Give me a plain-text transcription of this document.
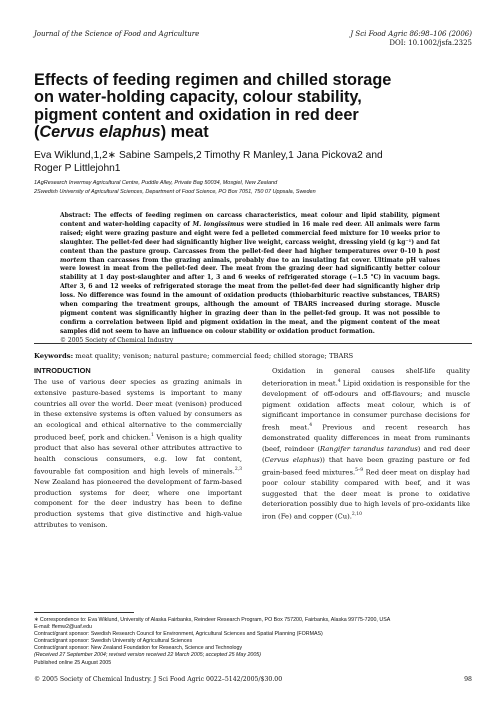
Journal of the Science of Food and Agriculture	J Sci Food Agric 86:98–106 (2006)
DOI: 10.1002/jsfa.2325
Effects of feeding regimen and chilled storage
on water-holding capacity, colour stability,
pigment content and oxidation in red deer
(Cervus elaphus) meat
Eva Wiklund,1,2∗ Sabine Sampels,2 Timothy R Manley,1 Jana Pickova2 and
Roger P Littlejohn1
1AgResearch Invermay Agricultural Centre, Puddle Alley, Private Bag 50034, Mosgiel, New Zealand
2Swedish University of Agricultural Sciences, Department of Food Science, PO Box 7051, 750 07 Uppsala, Sweden
Abstract: The effects of feeding regimen on carcass characteristics, meat colour and lipid stability, pigment content and water-holding capacity of M. longissimus were studied in 16 male red deer. All animals were farm raised; eight were grazing pasture and eight were fed a pelleted commercial feed mixture for 10 weeks prior to slaughter. The pellet-fed deer had significantly higher live weight, carcass weight, dressing yield (g kg⁻¹) and fat content than the pasture group. Carcasses from the pellet-fed deer had higher temperatures over 0–10 h post mortem than carcasses from the grazing animals, probably due to an insulating fat cover. Ultimate pH values were lowest in meat from the pellet-fed deer. The meat from the grazing deer had significantly better colour stability at 1 day post-slaughter and after 1, 3 and 6 weeks of refrigerated storage (−1.5 °C) in vacuum bags. After 3, 6 and 12 weeks of refrigerated storage the meat from the pellet-fed deer had significantly higher drip loss. No difference was found in the amount of oxidation products (thiobarbituric reactive substances, TBARS) when comparing the treatment groups, although the amount of TBARS increased during storage. Muscle pigment content was significantly higher in grazing deer than in the pellet-fed group. It was not possible to confirm a correlation between lipid and pigment oxidation in the meat, and the pigment content of the meat samples did not seem to have an influence on colour stability or oxidation product formation.
© 2005 Society of Chemical Industry
Keywords: meat quality; venison; natural pasture; commercial feed; chilled storage; TBARS
INTRODUCTION
The use of various deer species as grazing animals in extensive pasture-based systems is important to many countries all over the world. Deer meat (venison) produced in these extensive systems is often valued by consumers as an ecological and ethical alternative to the commercially produced beef, pork and chicken.$^1$ Venison is a high quality product that also has several other attributes attractive to health conscious consumers, e.g. low fat content, favourable fat composition and high levels of minerals.$^{2,3}$ New Zealand has pioneered the development of farm-based production systems for deer, where one important component for the deer industry has been to define production systems that give distinctive and high-value attributes to venison.
Oxidation in general causes shelf-life quality deterioration in meat.$^4$ Lipid oxidation is responsible for the development of off-odours and off-flavours; and muscle pigment oxidation affects meat colour, which is of significant importance in consumer purchase decisions for fresh meat.$^4$ Previous and recent research has demonstrated quality differences in meat from ruminants (beef, reindeer (Rangifer tarandus tarandus) and red deer (Cervus elaphus)) that have been grazing pasture or fed grain-based feed mixtures.$^{5-9}$ Red deer meat on display had poor colour stability compared with beef, and it was suggested that the deer meat is prone to oxidative deterioration possibly due to high levels of pro-oxidants like iron (Fe) and copper (Cu).$^{2,10}$
∗ Correspondence to: Eva Wiklund, University of Alaska Fairbanks, Reindeer Research Program, PO Box 757200, Fairbanks, Alaska 99775-7200, USA
E-mail: ffemw2@uaf.edu
Contract/grant sponsor: Swedish Research Council for Environment, Agricultural Sciences and Spatial Planning (FORMAS)
Contract/grant sponsor: Swedish University of Agricultural Sciences
Contract/grant sponsor: New Zealand Foundation for Research, Science and Technology
(Received 27 September 2004; revised version received 22 March 2005; accepted 25 May 2005)
Published online 25 August 2005
© 2005 Society of Chemical Industry. J Sci Food Agric 0022–5142/2005/$30.00	98
